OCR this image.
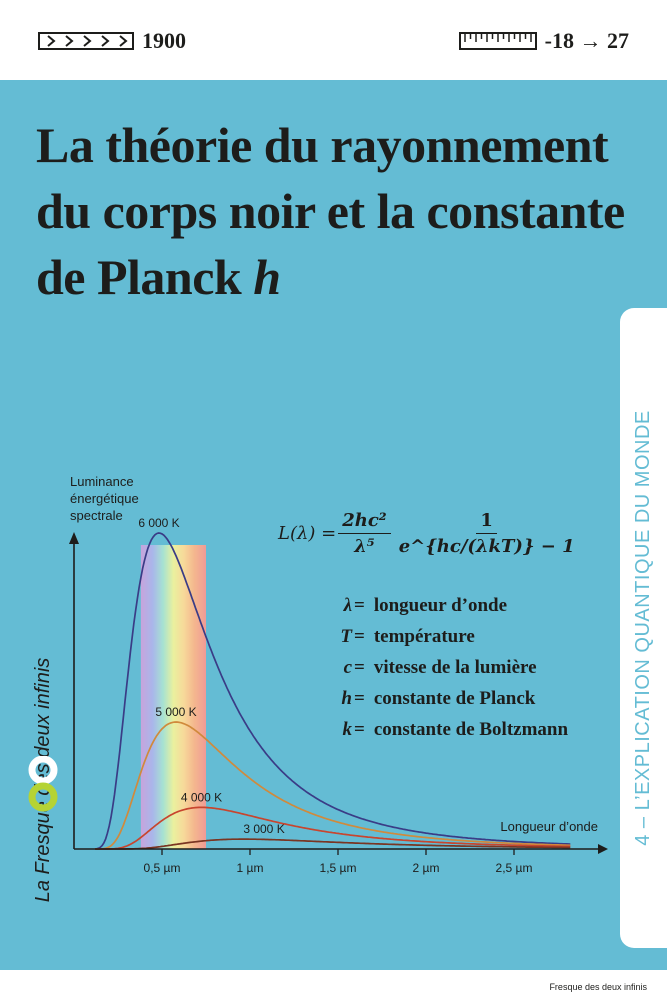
1900	-18 → 27
La théorie du rayonnement du corps noir et la constante de Planck h
4 – L’EXPLICATION QUANTIQUE DU MONDE
La Fresque des deux infinis
6 000 K
5 000 K
4 000 K
3 000 K
0,5 µm	1 µm	1,5 µm	2 µm	2,5 µm
Longueur d’onde
Luminance énergétique spectrale
$L(\lambda) = \frac{\text{2hc²}}{\text{λ⁵}} \frac{1}{\text{e\textasciicircum{}\{hc/(λkT)\} − 1}}$
λ = longueur d’onde
T = température
c = vitesse de la lumière
h = constante de Planck
k = constante de Boltzmann
Fresque des deux infinis
